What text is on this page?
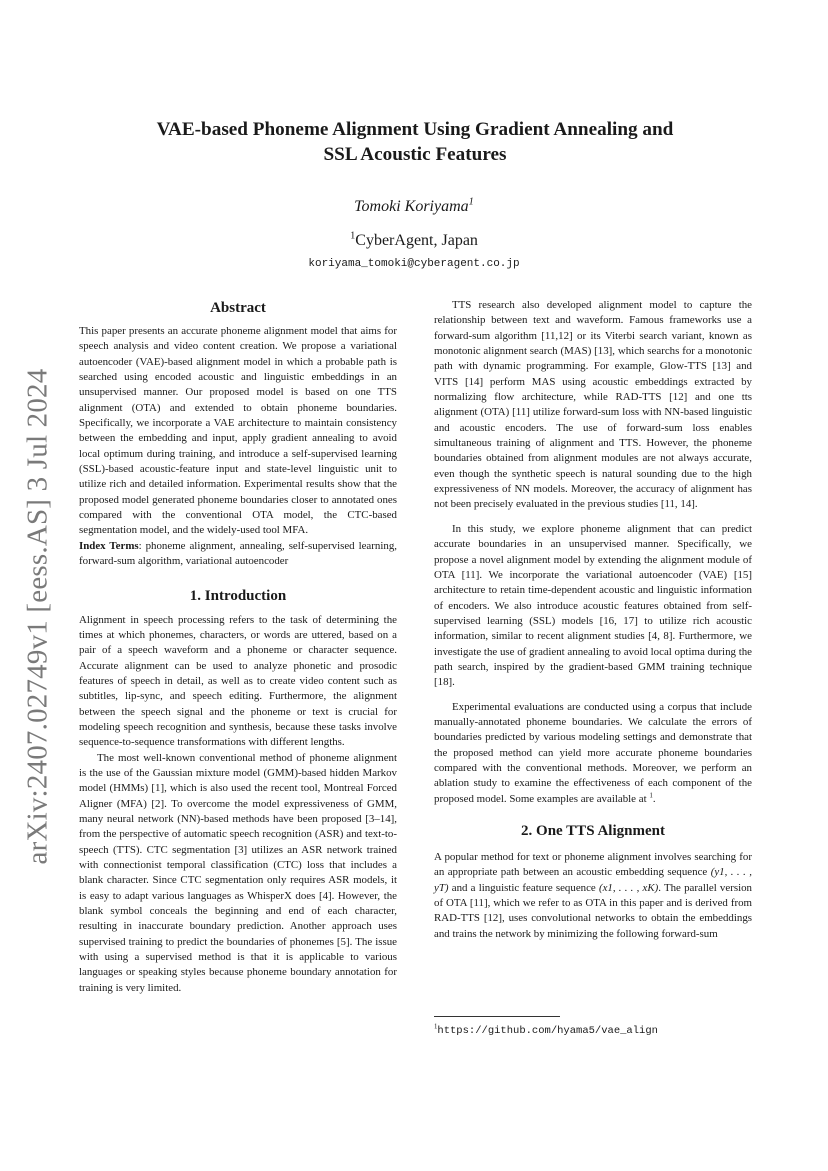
arXiv:2407.02749v1 [eess.AS] 3 Jul 2024
VAE-based Phoneme Alignment Using Gradient Annealing and
SSL Acoustic Features
Tomoki Koriyama$^1$
$^1$CyberAgent, Japan
koriyama_tomoki@cyberagent.co.jp
Abstract

This paper presents an accurate phoneme alignment model that aims for speech analysis and video content creation. We propose a variational autoencoder (VAE)-based alignment model in which a probable path is searched using encoded acoustic and linguistic embeddings in an unsupervised manner. Our proposed model is based on one TTS alignment (OTA) and extended to obtain phoneme boundaries. Specifically, we incorporate a VAE architecture to maintain consistency between the embedding and input, apply gradient annealing to avoid local optimum during training, and introduce a self-supervised learning (SSL)-based acoustic-feature input and state-level linguistic unit to utilize rich and detailed information. Experimental results show that the proposed model generated phoneme boundaries closer to annotated ones compared with the conventional OTA model, the CTC-based segmentation model, and the widely-used tool MFA.

Index Terms: phoneme alignment, annealing, self-supervised learning, forward-sum algorithm, variational autoencoder

1. Introduction

Alignment in speech processing refers to the task of determining the times at which phonemes, characters, or words are uttered, based on a pair of a speech waveform and a phoneme or character sequence. Accurate alignment can be used to analyze phonetic and prosodic features of speech in detail, as well as to create video content such as subtitles, lip-sync, and speech editing. Furthermore, the alignment between the speech signal and the phoneme or text is crucial for modeling speech recognition and synthesis, because these tasks involve sequence-to-sequence transformations with different lengths.

The most well-known conventional method of phoneme alignment is the use of the Gaussian mixture model (GMM)-based hidden Markov model (HMMs) [1], which is also used the recent tool, Montreal Forced Aligner (MFA) [2]. To overcome the model expressiveness of GMM, many neural network (NN)-based methods have been proposed [3–14], from the perspective of automatic speech recognition (ASR) and text-to-speech (TTS). CTC segmentation [3] utilizes an ASR network trained with connectionist temporal classification (CTC) loss that includes a blank character. Since CTC segmentation only requires ASR models, it is easy to adapt various languages as WhisperX does [4]. However, the blank symbol conceals the beginning and end of each character, resulting in inaccurate boundary prediction. Another approach uses supervised training to predict the boundaries of phonemes [5]. The issue with using a supervised method is that it is applicable to various languages or speaking styles because phoneme boundary annotation for training is very limited.

TTS research also developed alignment model to capture the relationship between text and waveform. Famous frameworks use a forward-sum algorithm [11,12] or its Viterbi search variant, known as monotonic alignment search (MAS) [13], which searchs for a monotonic path with dynamic programming. For example, Glow-TTS [13] and VITS [14] perform MAS using acoustic embeddings extracted by normalizing flow architecture, while RAD-TTS [12] and one tts alignment (OTA) [11] utilize forward-sum loss with NN-based linguistic and acoustic encoders. The use of forward-sum loss enables simultaneous training of alignment and TTS. However, the phoneme boundaries obtained from alignment modules are not always accurate, even though the synthetic speech is natural sounding due to the high expressiveness of NN models. Moreover, the accuracy of alignment has not been precisely evaluated in the previous studies [11, 14].

In this study, we explore phoneme alignment that can predict accurate boundaries in an unsupervised manner. Specifically, we propose a novel alignment model by extending the alignment module of OTA [11]. We incorporate the variational autoencoder (VAE) [15] architecture to retain time-dependent acoustic and linguistic information of encoders. We also introduce acoustic features obtained from self-supervised learning (SSL) models [16, 17] to utilize rich acoustic information, similar to recent alignment studies [4, 8]. Furthermore, we investigate the use of gradient annealing to avoid local optima during the path search, inspired by the gradient-based GMM training technique [18].

Experimental evaluations are conducted using a corpus that include manually-annotated phoneme boundaries. We calculate the errors of boundaries predicted by various modeling settings and demonstrate that the proposed method can yield more accurate phoneme boundaries compared with the conventional methods. Moreover, we perform an ablation study to examine the effectiveness of each component of the proposed model. Some examples are available at $^1$.

2. One TTS Alignment

A popular method for text or phoneme alignment involves searching for an appropriate path between an acoustic embedding sequence (y1, . . . , yT) and a linguistic feature sequence (x1, . . . , xK). The parallel version of OTA [11], which we refer to as OTA in this paper and is derived from RAD-TTS [12], uses convolutional networks to obtain the embeddings and trains the network by minimizing the following forward-sum

$^1$https://github.com/hyama5/vae_align
